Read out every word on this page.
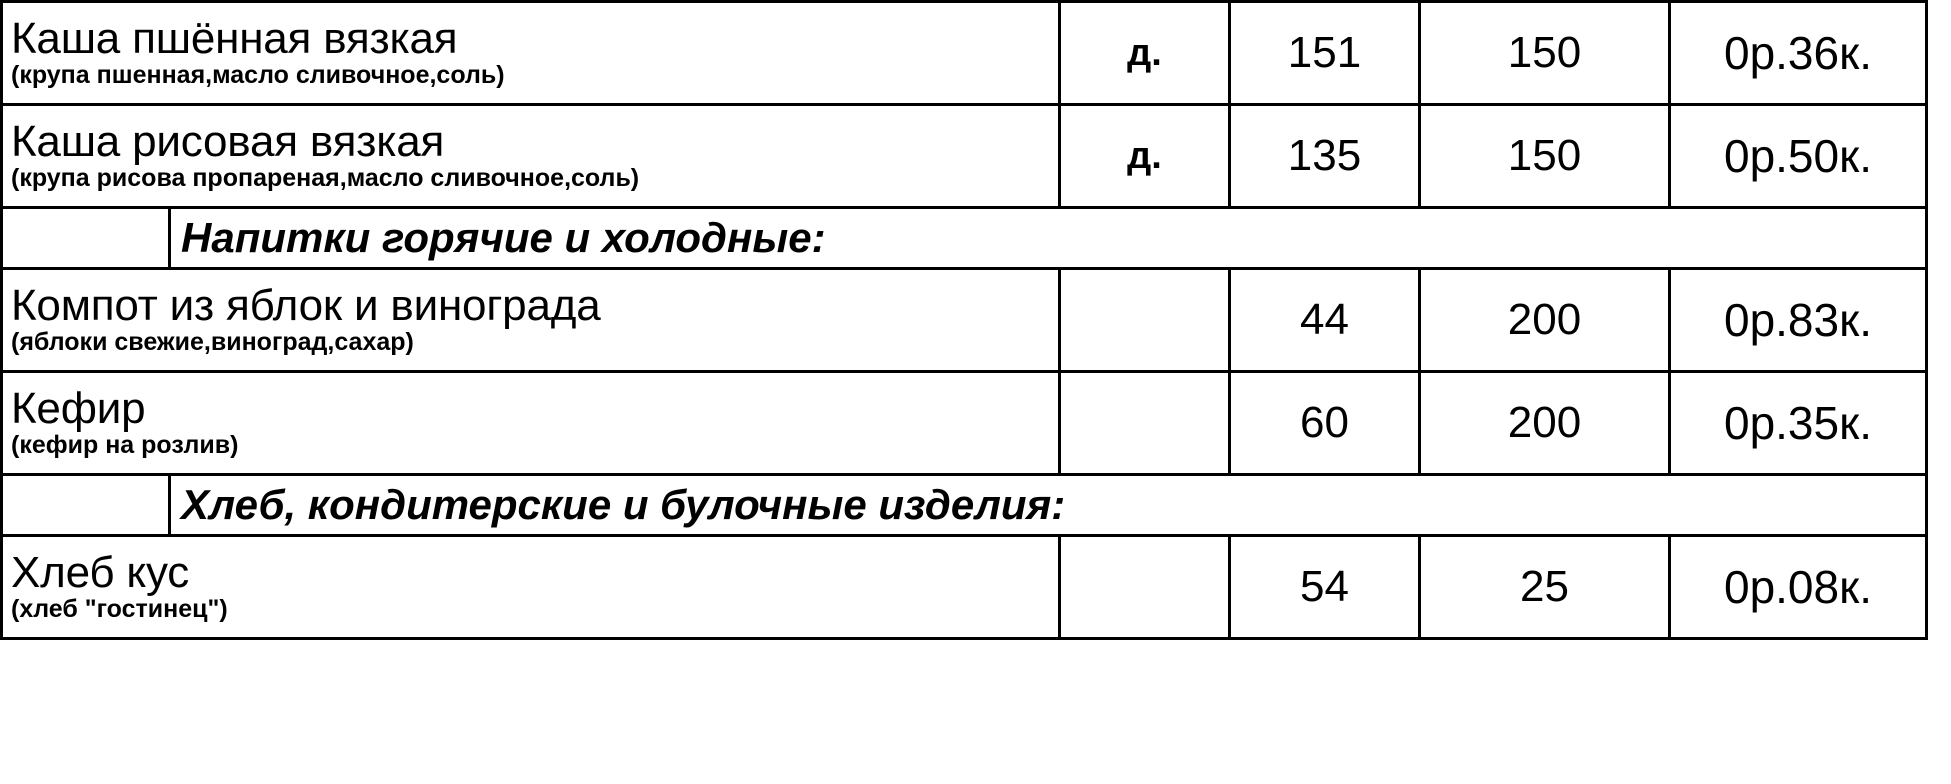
Каша пшённая вязкая
(крупа пшенная,масло сливочное,соль)	д.	151	150	0р.36к.

Каша рисовая вязкая
(крупа рисова пропареная,масло сливочное,соль)	д.	135	150	0р.50к.

Напитки горячие и холодные:				

Компот из яблок и винограда
(яблоки свежие,виноград,сахар)		44	200	0р.83к.

Кефир
(кефир на розлив)		60	200	0р.35к.

Хлеб, кондитерские и булочные изделия:				

Хлеб кус
(хлеб "гостинец")		54	25	0р.08к.
